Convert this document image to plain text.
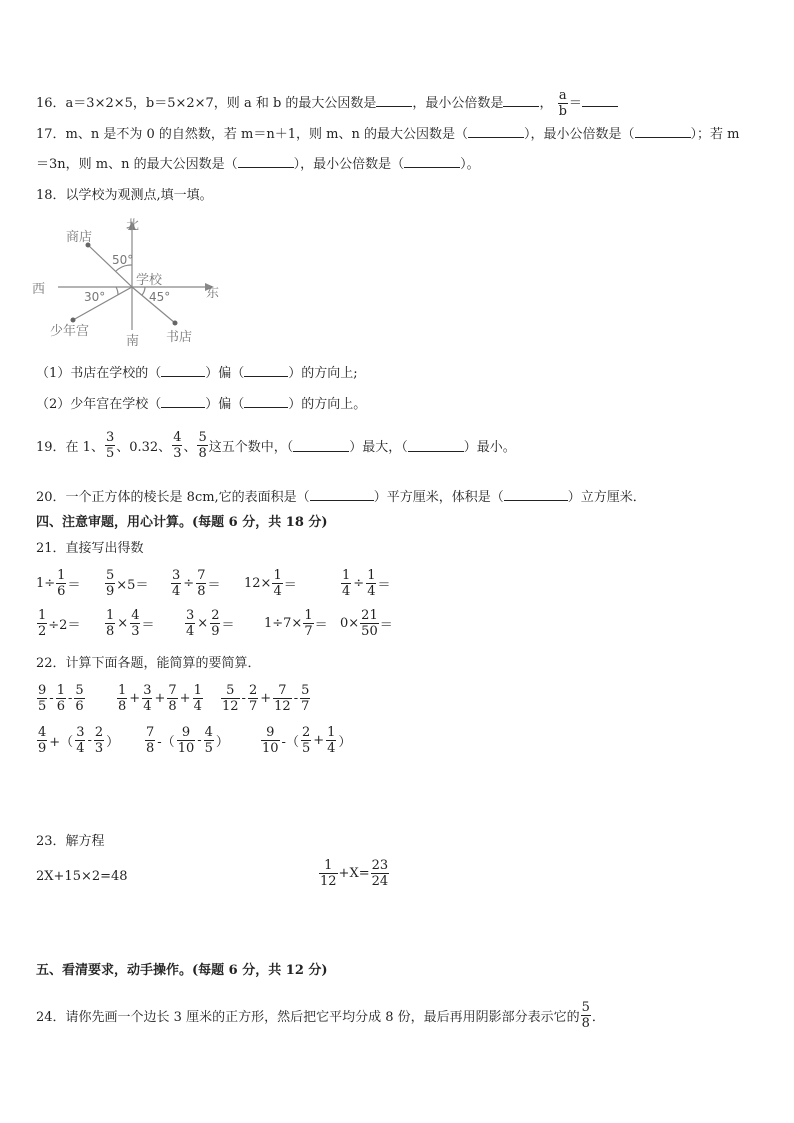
16．a＝3×2×5，b＝5×2×7，则 a 和 b 的最大公因数是	，最小公倍数是	， $\frac{a}{b}$ ＝
17．m、n 是不为 0 的自然数，若 m＝n＋1，则 m、n 的最大公因数是（	），最小公倍数是（	）；若 m
＝3n，则 m、n 的最大公因数是（	），最小公倍数是（	）。
18．以学校为观测点,填一填。
北
南
西	东
学校
商店
书店
少年宫
50°
30°	45°
（1）书店在学校的（	）偏（	）的方向上;
（2）少年宫在学校（	）偏（	）的方向上。
19．在 1、 $\frac{3}{5}$ 、0.32、 $\frac{4}{3}$ 、 $\frac{5}{8}$ 这五个数中，（	）最大，（	）最小。
20．一个正方体的棱长是 8cm,它的表面积是（	）平方厘米，体积是（	）立方厘米．
四、注意审题，用心计算。(每题 6 分，共 18 分)
21．直接写出得数
$1\div \frac{1}{6} = \frac{5}{9} \times 5= \frac{3}{4} \div \frac{7}{8} = 12\times \frac{1}{4}$ ＝	$\frac{1}{4} \div \frac{1}{4}$ ＝
$\frac{1}{2} \div 2= \frac{1}{8} \times \frac{4}{3} = \frac{3}{4} \times \frac{2}{9} = 1\div 7\times \frac{1}{7} = 0\times \frac{21}{50}$ ＝
22．计算下面各题，能简算的要简算．
$\frac{9}{5} - \frac{1}{6} - \frac{5}{6} \frac{1}{8} + \frac{3}{4} + \frac{7}{8} + \frac{1}{4} \frac{5}{12} - \frac{2}{7} + \frac{7}{12} - \frac{5}{7}$
$\frac{4}{9}$ +（ $\frac{3}{4} - \frac{2}{3}$ ） $\frac{7}{8}$ -（ $\frac{9}{10} - \frac{4}{5}$ ） $\frac{9}{10}$ -（ $\frac{2}{5} + \frac{1}{4}$ ）
23．解方程
2X+15×2=48	$\frac{1}{12} +X= \frac{23}{24}$
五、看清要求，动手操作。(每题 6 分，共 12 分)
24．请你先画一个边长 3 厘米的正方形，然后把它平均分成 8 份，最后再用阴影部分表示它的 $\frac{5}{8}$ ．
